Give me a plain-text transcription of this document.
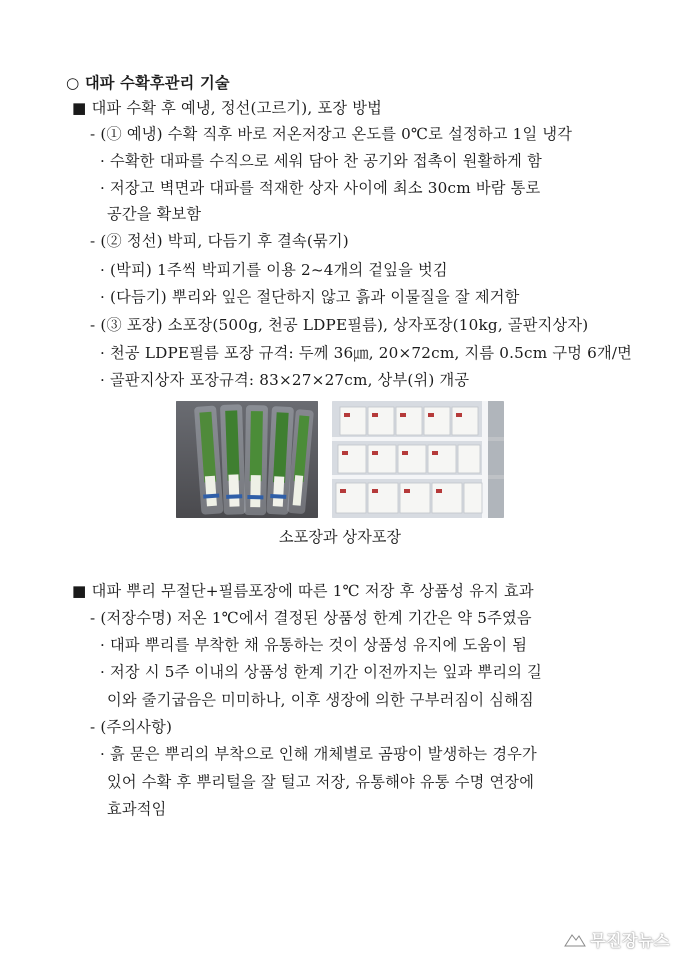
○ 대파 수확후관리 기술
■ 대파 수확 후 예냉, 정선(고르기), 포장 방법
- (① 예냉) 수확 직후 바로 저온저장고 온도를 0℃로 설정하고 1일 냉각
· 수확한 대파를 수직으로 세워 담아 찬 공기와 접촉이 원활하게 함
· 저장고 벽면과 대파를 적재한 상자 사이에 최소 30cm 바람 통로
공간을 확보함
- (② 정선) 박피, 다듬기 후 결속(묶기)
· (박피) 1주씩 박피기를 이용 2~4개의 겉잎을 벗김
· (다듬기) 뿌리와 잎은 절단하지 않고 흙과 이물질을 잘 제거함
- (③ 포장) 소포장(500g, 천공 LDPE필름), 상자포장(10kg, 골판지상자)
· 천공 LDPE필름 포장 규격: 두께 36㎛, 20×72cm, 지름 0.5cm 구멍 6개/면
· 골판지상자 포장규격: 83×27×27cm, 상부(위) 개공
소포장과 상자포장
■ 대파 뿌리 무절단+필름포장에 따른 1℃ 저장 후 상품성 유지 효과
- (저장수명) 저온 1℃에서 결정된 상품성 한계 기간은 약 5주였음
· 대파 뿌리를 부착한 채 유통하는 것이 상품성 유지에 도움이 됨
· 저장 시 5주 이내의 상품성 한계 기간 이전까지는 잎과 뿌리의 길
이와 줄기굽음은 미미하나, 이후 생장에 의한 구부러짐이 심해짐
- (주의사항)
· 흙 묻은 뿌리의 부착으로 인해 개체별로 곰팡이 발생하는 경우가
있어 수확 후 뿌리털을 잘 털고 저장, 유통해야 유통 수명 연장에
효과적임
무진장뉴스
